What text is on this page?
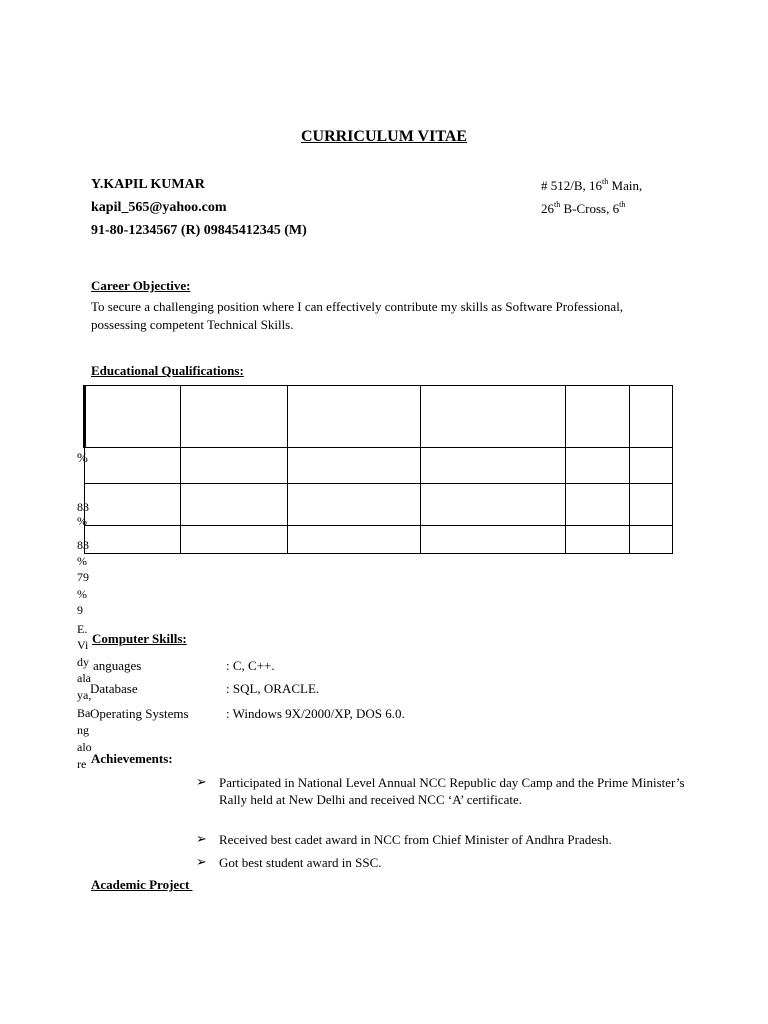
CURRICULUM VITAE
Y.KAPIL KUMAR
kapil_565@yahoo.com
91-80-1234567 (R) 09845412345 (M)
# 512/B, 16th Main,
26th B-Cross, 6th
Career Objective:
To secure a challenging position where I can effectively contribute my skills as Software Professional, possessing competent Technical Skills.
Educational Qualifications:

%
83
%
83
%
79
%
9
E.
Vi
dy
ala
ya,
Ba
ng
alo
re
Computer Skills:
anguages	: C, C++.
Database	: SQL, ORACLE.
Operating Systems	: Windows 9X/2000/XP, DOS 6.0.
Achievements:
➢ Participated in National Level Annual NCC Republic day Camp and the Prime Minister’s Rally held at New Delhi and received NCC ‘A’ certificate.
➢ Received best cadet award in NCC from Chief Minister of Andhra Pradesh.
➢ Got best student award in SSC.
Academic Project
